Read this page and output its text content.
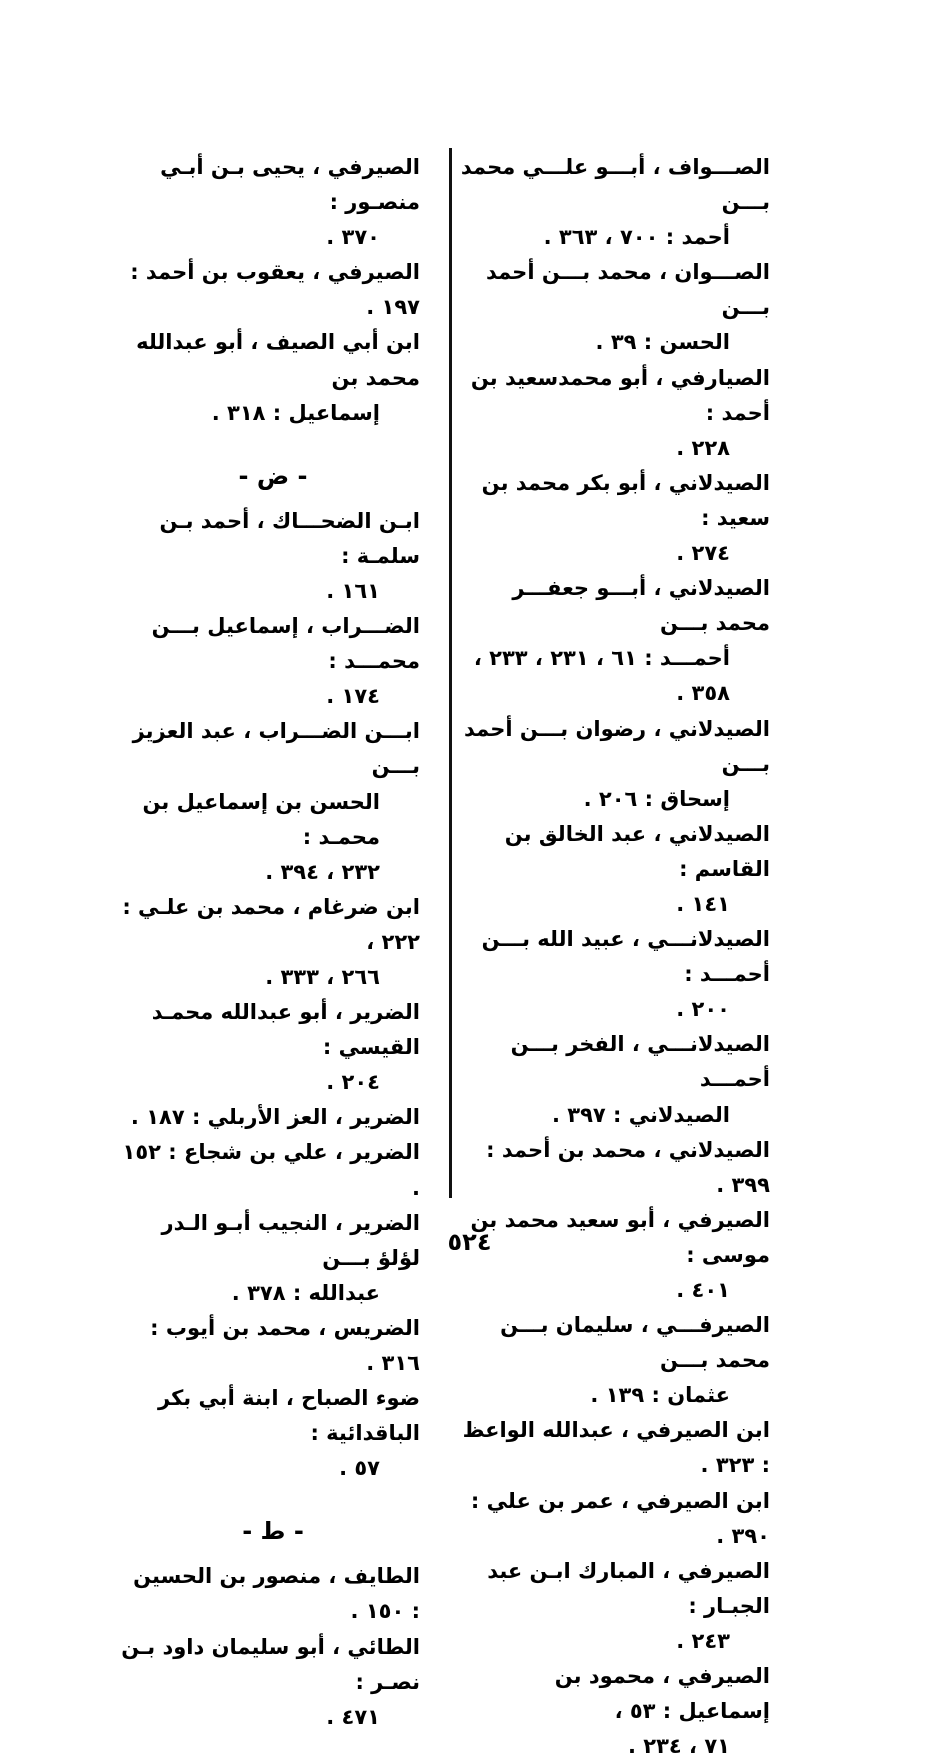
الصـــواف ، أبـــو علـــي محمد بـــن
أحمد : ٧٠٠ ، ٣٦٣ .
الصـــوان ، محمد بـــن أحمد بـــن
الحسن : ٣٩ .
الصيارفي ، أبو محمدسعيد بن أحمد :
٢٢٨ .
الصيدلاني ، أبو بكر محمد بن سعيد :
٢٧٤ .
الصيدلاني ، أبـــو جعفـــر محمد بـــن
أحمـــد : ٦١ ، ٢٣١ ، ٢٣٣ ،
٣٥٨ .
الصيدلاني ، رضوان بـــن أحمد بـــن
إسحاق : ٢٠٦ .
الصيدلاني ، عبد الخالق بن القاسم :
١٤١ .
الصيدلانـــي ، عبيد الله بـــن أحمـــد :
٢٠٠ .
الصيدلانـــي ، الفخر بـــن أحمـــد
الصيدلاني : ٣٩٧ .
الصيدلاني ، محمد بن أحمد : ٣٩٩ .
الصيرفي ، أبو سعيد محمد بن موسى :
٤٠١ .
الصيرفـــي ، سليمان بـــن محمد بـــن
عثمان : ١٣٩ .
ابن الصيرفي ، عبدالله الواعظ : ٣٢٣ .
ابن الصيرفي ، عمر بن علي : ٣٩٠ .
الصيرفي ، المبارك ابـن عبد الجبـار :
٢٤٣ .
الصيرفي ، محمود بن إسماعيل : ٥٣ ،
٧١ ، ٢٣٤ .
الصيرفي ، يحيى بـن أبـي منصـور :
٣٧٠ .
الصيرفي ، يعقوب بن أحمد : ١٩٧ .
ابن أبي الصيف ، أبو عبدالله محمد بن
إسماعيل : ٣١٨ .
- ض -
ابـن الضحـــاك ، أحمد بـن سلمـة :
١٦١ .
الضـــراب ، إسماعيل بـــن محمـــد :
١٧٤ .
ابـــن الضـــراب ، عبد العزيز بـــن
الحسن بن إسماعيل بن محمـد :
٢٣٢ ، ٣٩٤ .
ابن ضرغام ، محمد بن علـي : ٢٢٢ ،
٢٦٦ ، ٣٣٣ .
الضرير ، أبو عبدالله محمـد القيسي :
٢٠٤ .
الضرير ، العز الأربلي : ١٨٧ .
الضرير ، علي بن شجاع : ١٥٢ .
الضرير ، النجيب أبـو الـدر لؤلؤ بـــن
عبدالله : ٣٧٨ .
الضريس ، محمد بن أيوب : ٣١٦ .
ضوء الصباح ، ابنة أبي بكر الباقدائية :
٥٧ .
- ط -
الطايف ، منصور بن الحسين : ١٥٠ .
الطائي ، أبو سليمان داود بـن نصـر :
٤٧١ .
٥٢٤
